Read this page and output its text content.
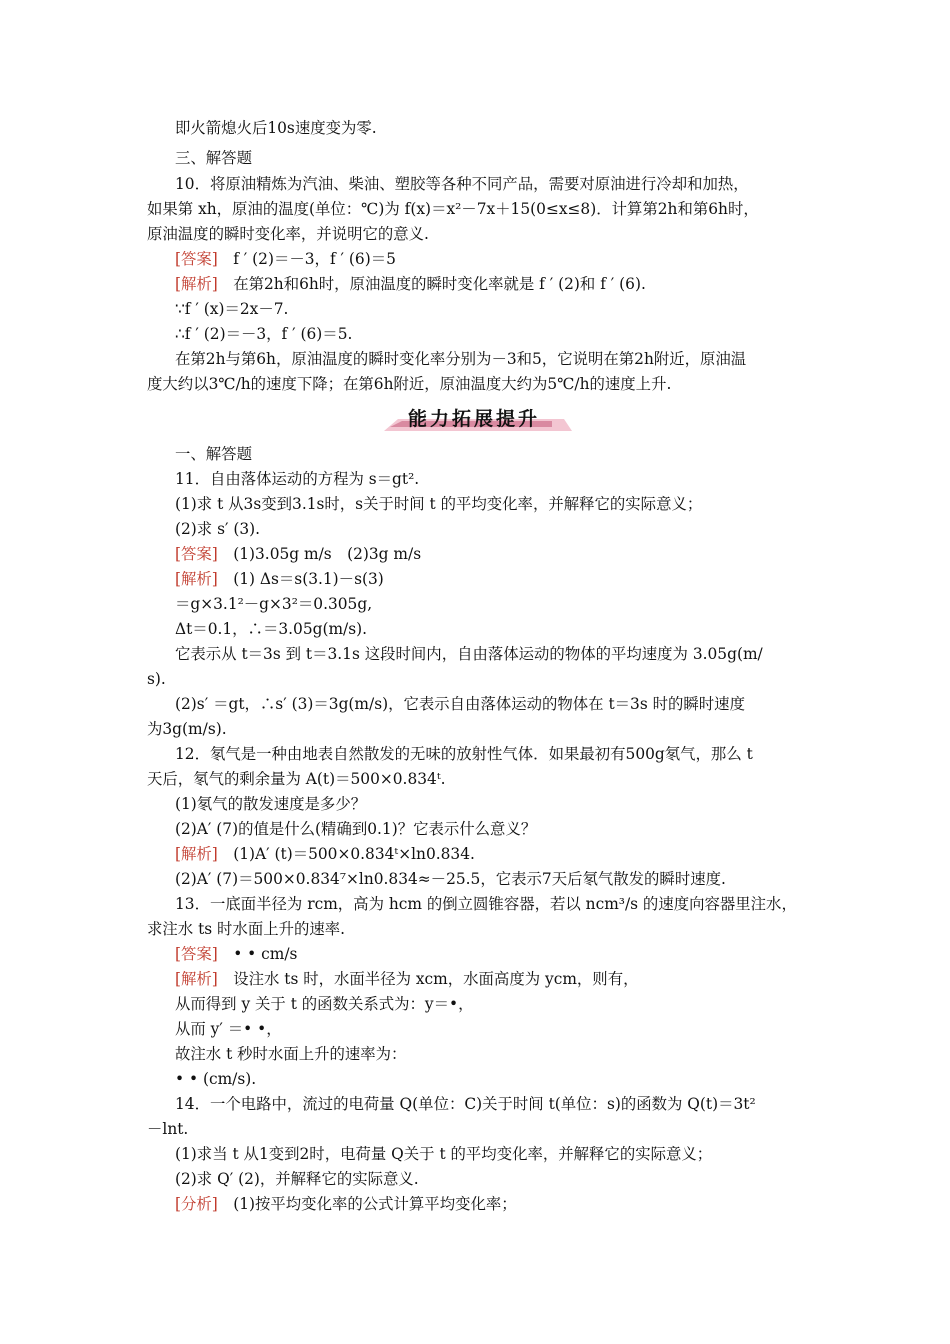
即火箭熄火后10s速度变为零.
三、解答题
10．将原油精炼为汽油、柴油、塑胶等各种不同产品，需要对原油进行冷却和加热，
如果第 xh，原油的温度(单位：℃)为 f(x)＝x²－7x＋15(0≤x≤8)．计算第2h和第6h时，
原油温度的瞬时变化率，并说明它的意义.
[答案]　 f ′ (2)＝－3，f ′ (6)＝5
[解析]　 在第2h和6h时，原油温度的瞬时变化率就是 f ′ (2)和 f ′ (6).
∵f ′ (x)＝2x－7.
∴f ′ (2)＝－3，f ′ (6)＝5.
在第2h与第6h，原油温度的瞬时变化率分别为－3和5，它说明在第2h附近，原油温
度大约以3℃/h的速度下降；在第6h附近，原油温度大约为5℃/h的速度上升.
能力拓展提升
一、解答题
11．自由落体运动的方程为 s＝gt².
(1)求 t 从3s变到3.1s时，s关于时间 t 的平均变化率，并解释它的实际意义；
(2)求 s′ (3).
[答案]　 (1)3.05g m/s　(2)3g m/s
[解析]　 (1) Δs＝s(3.1)－s(3)
＝g×3.1²－g×3²＝0.305g,
Δt＝0.1，∴＝3.05g(m/s).
它表示从 t＝3s 到 t＝3.1s 这段时间内，自由落体运动的物体的平均速度为 3.05g(m/
s).
(2)s′ ＝gt，∴s′ (3)＝3g(m/s)，它表示自由落体运动的物体在 t＝3s 时的瞬时速度
为3g(m/s).
12．氡气是一种由地表自然散发的无味的放射性气体．如果最初有500g氡气，那么 t
天后，氡气的剩余量为 A(t)＝500×0.834ᵗ.
(1)氡气的散发速度是多少？
(2)A′ (7)的值是什么(精确到0.1)？它表示什么意义？
[解析]　 (1)A′ (t)＝500×0.834ᵗ×ln0.834.
(2)A′ (7)＝500×0.834⁷×ln0.834≈－25.5，它表示7天后氡气散发的瞬时速度.
13．一底面半径为 rcm，高为 hcm 的倒立圆锥容器，若以 ncm³/s 的速度向容器里注水，
求注水 ts 时水面上升的速率.
[答案]　 • • cm/s
[解析]　 设注水 ts 时，水面半径为 xcm，水面高度为 ycm，则有，
从而得到 y 关于 t 的函数关系式为：y＝•，
从而 y′ ＝• •，
故注水 t 秒时水面上升的速率为：
• • (cm/s).
14．一个电路中，流过的电荷量 Q(单位：C)关于时间 t(单位：s)的函数为 Q(t)＝3t²
－lnt.
(1)求当 t 从1变到2时，电荷量 Q关于 t 的平均变化率，并解释它的实际意义；
(2)求 Q′ (2)，并解释它的实际意义.
[分析]　 (1)按平均变化率的公式计算平均变化率；
